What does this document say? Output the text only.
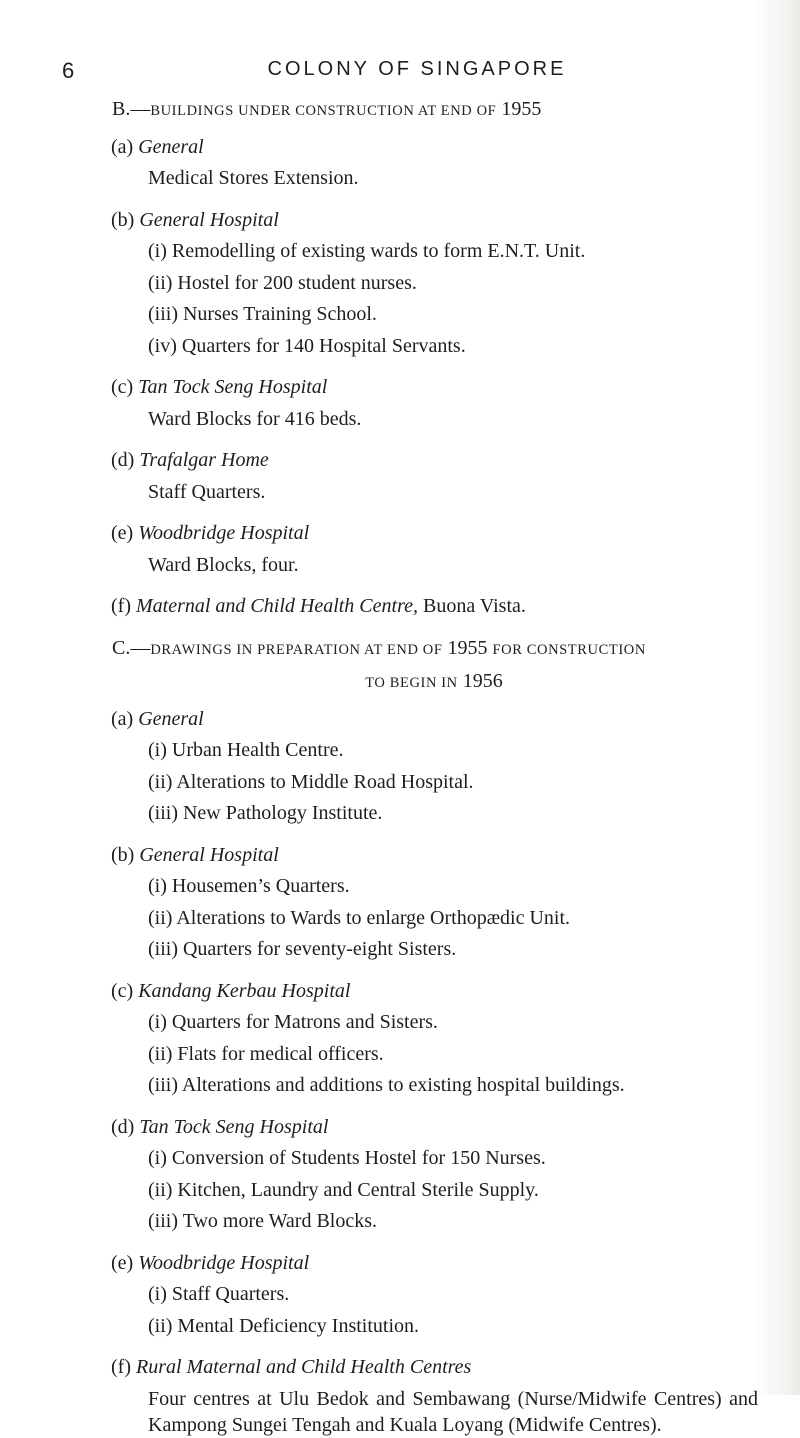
6	COLONY OF SINGAPORE
B.—BUILDINGS UNDER CONSTRUCTION AT END OF 1955
(a) General
Medical Stores Extension.
(b) General Hospital
(i) Remodelling of existing wards to form E.N.T. Unit.
(ii) Hostel for 200 student nurses.
(iii) Nurses Training School.
(iv) Quarters for 140 Hospital Servants.
(c) Tan Tock Seng Hospital
Ward Blocks for 416 beds.
(d) Trafalgar Home
Staff Quarters.
(e) Woodbridge Hospital
Ward Blocks, four.
(f) Maternal and Child Health Centre, Buona Vista.
C.—DRAWINGS IN PREPARATION AT END OF 1955 FOR CONSTRUCTION
TO BEGIN IN 1956
(a) General
(i) Urban Health Centre.
(ii) Alterations to Middle Road Hospital.
(iii) New Pathology Institute.
(b) General Hospital
(i) Housemen’s Quarters.
(ii) Alterations to Wards to enlarge Orthopædic Unit.
(iii) Quarters for seventy-eight Sisters.
(c) Kandang Kerbau Hospital
(i) Quarters for Matrons and Sisters.
(ii) Flats for medical officers.
(iii) Alterations and additions to existing hospital buildings.
(d) Tan Tock Seng Hospital
(i) Conversion of Students Hostel for 150 Nurses.
(ii) Kitchen, Laundry and Central Sterile Supply.
(iii) Two more Ward Blocks.
(e) Woodbridge Hospital
(i) Staff Quarters.
(ii) Mental Deficiency Institution.
(f) Rural Maternal and Child Health Centres
Four centres at Ulu Bedok and Sembawang (Nurse/Midwife Centres) and Kampong Sungei Tengah and Kuala Loyang (Midwife Centres).
